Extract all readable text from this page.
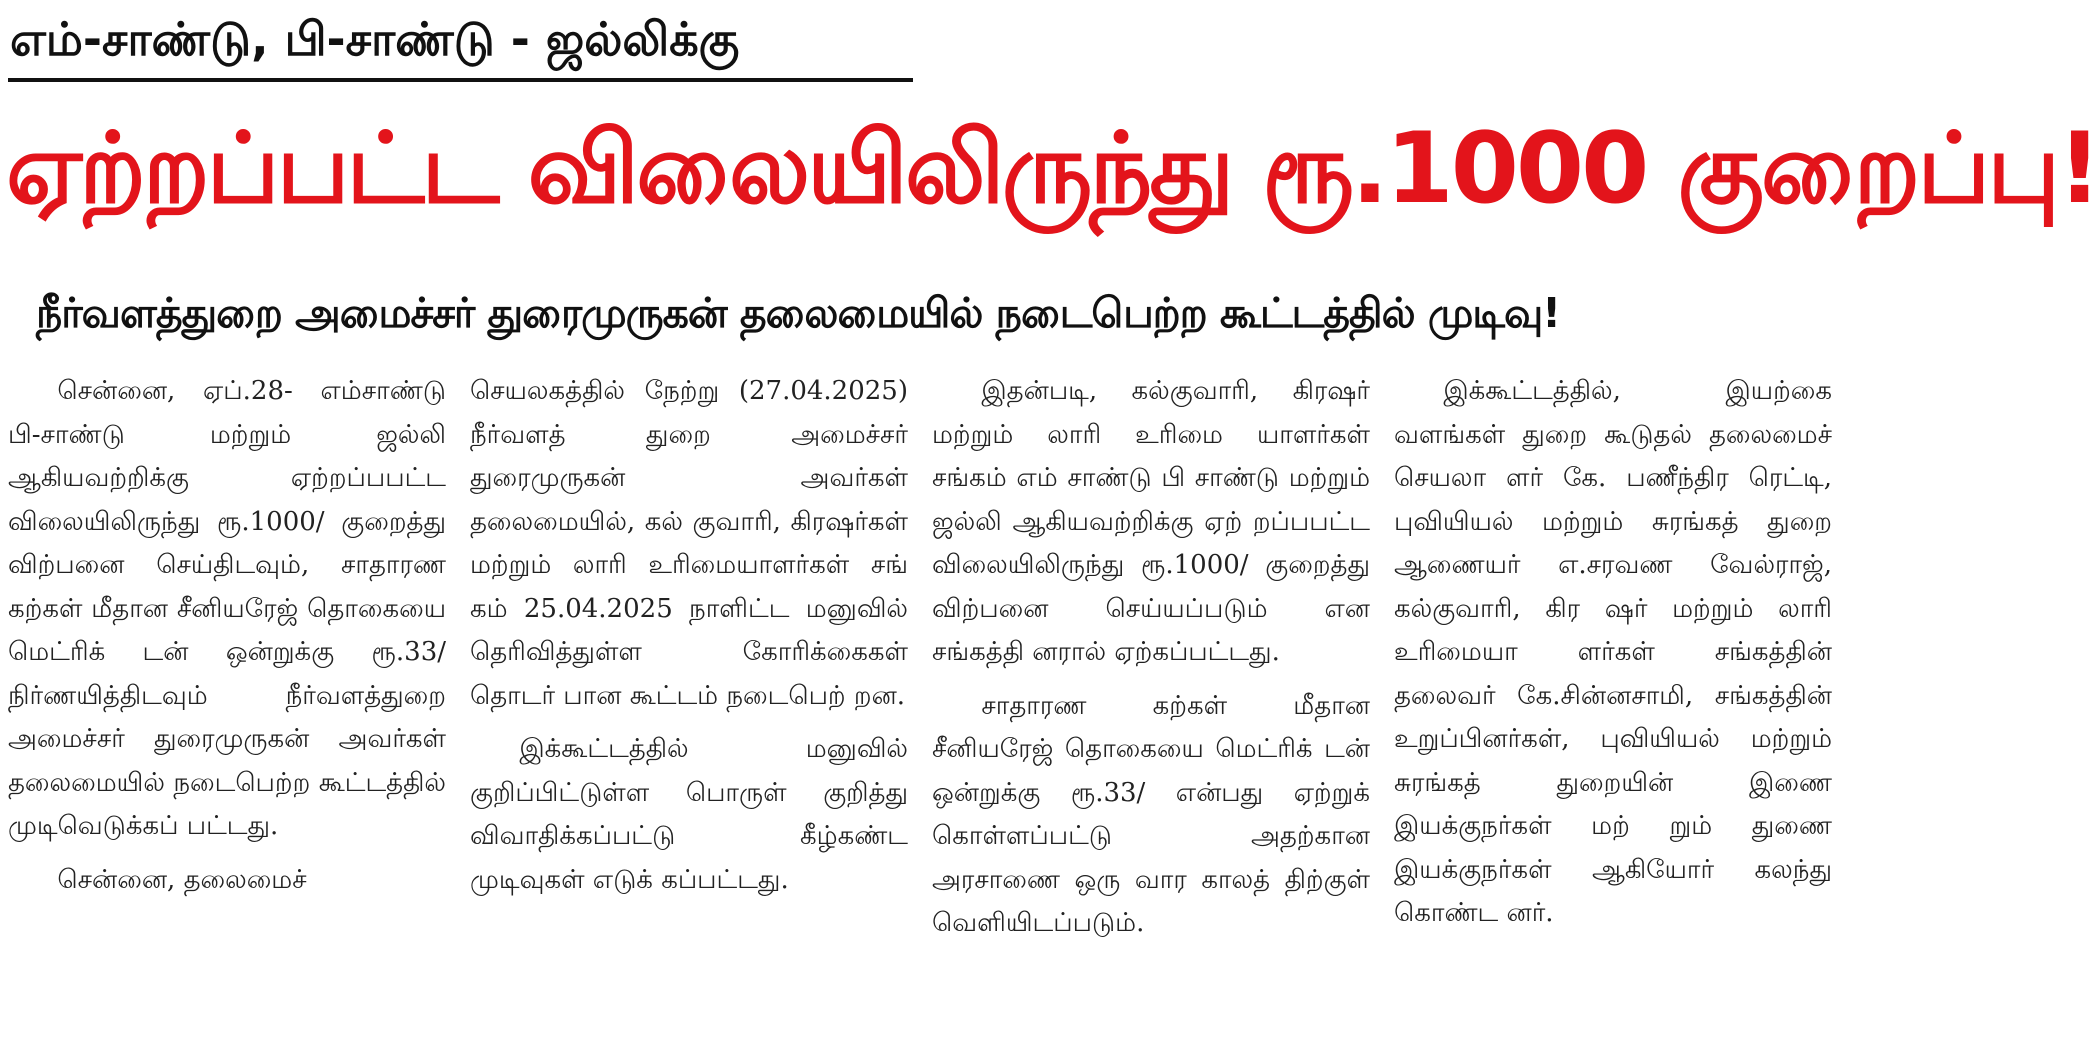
எம்-சாண்டு, பி-சாண்டு - ஜல்லிக்கு
ஏற்றப்பட்ட விலையிலிருந்து ரூ.1000 குறைப்பு!
நீர்வளத்துறை அமைச்சர் துரைமுருகன் தலைமையில் நடைபெற்ற கூட்டத்தில் முடிவு!

சென்னை, ஏப்.28- எம்சாண்டு பி-சாண்டு மற்றும் ஜல்லி ஆகியவற்றிக்கு ஏற்றப்பபட்ட விலையிலிருந்து ரூ.1000/ குறைத்து விற்பனை செய்திடவும், சாதாரண கற்கள் மீதான சீனியரேஜ் தொகையை மெட்ரிக் டன் ஒன்றுக்கு ரூ.33/ நிர்ணயித்திடவும் நீர்வளத்துறை அமைச்சர் துரைமுருகன் அவர்கள் தலைமையில் நடைபெற்ற கூட்டத்தில் முடிவெடுக்கப் பட்டது.

சென்னை, தலைமைச்

செயலகத்தில் நேற்று (27.04.2025) நீர்வளத் துறை அமைச்சர் துரைமுருகன் அவர்கள் தலைமையில், கல் குவாரி, கிரஷர்கள் மற்றும் லாரி உரிமையாளர்கள் சங் கம் 25.04.2025 நாளிட்ட மனுவில் தெரிவித்துள்ள கோரிக்கைகள் தொடர் பான கூட்டம் நடைபெற் றன.

இக்கூட்டத்தில் மனுவில் குறிப்பிட்டுள்ள பொருள் குறித்து விவாதிக்கப்பட்டு கீழ்கண்ட முடிவுகள் எடுக் கப்பட்டது.

இதன்படி, கல்குவாரி, கிரஷர் மற்றும் லாரி உரிமை யாளர்கள் சங்கம் எம் சாண்டு பி சாண்டு மற்றும் ஜல்லி ஆகியவற்றிக்கு ஏற் றப்பபட்ட விலையிலிருந்து ரூ.1000/ குறைத்து விற்பனை செய்யப்படும் என சங்கத்தி னரால் ஏற்கப்பட்டது.

சாதாரண கற்கள் மீதான சீனியரேஜ் தொகையை மெட்ரிக் டன் ஒன்றுக்கு ரூ.33/ என்பது ஏற்றுக் கொள்ளப்பட்டு அதற்கான அரசாணை ஒரு வார காலத் திற்குள் வெளியிடப்படும்.

இக்கூட்டத்தில், இயற்கை வளங்கள் துறை கூடுதல் தலைமைச் செயலா ளர் கே. பணீந்திர ரெட்டி, புவியியல் மற்றும் சுரங்கத் துறை ஆணையர் எ.சரவண வேல்ராஜ், கல்குவாரி, கிர ஷர் மற்றும் லாரி உரிமையா ளர்கள் சங்கத்தின் தலைவர் கே.சின்னசாமி, சங்கத்தின் உறுப்பினர்கள், புவியியல் மற்றும் சுரங்கத் துறையின் இணை இயக்குநர்கள் மற் றும் துணை இயக்குநர்கள் ஆகியோர் கலந்து கொண்ட னர்.
